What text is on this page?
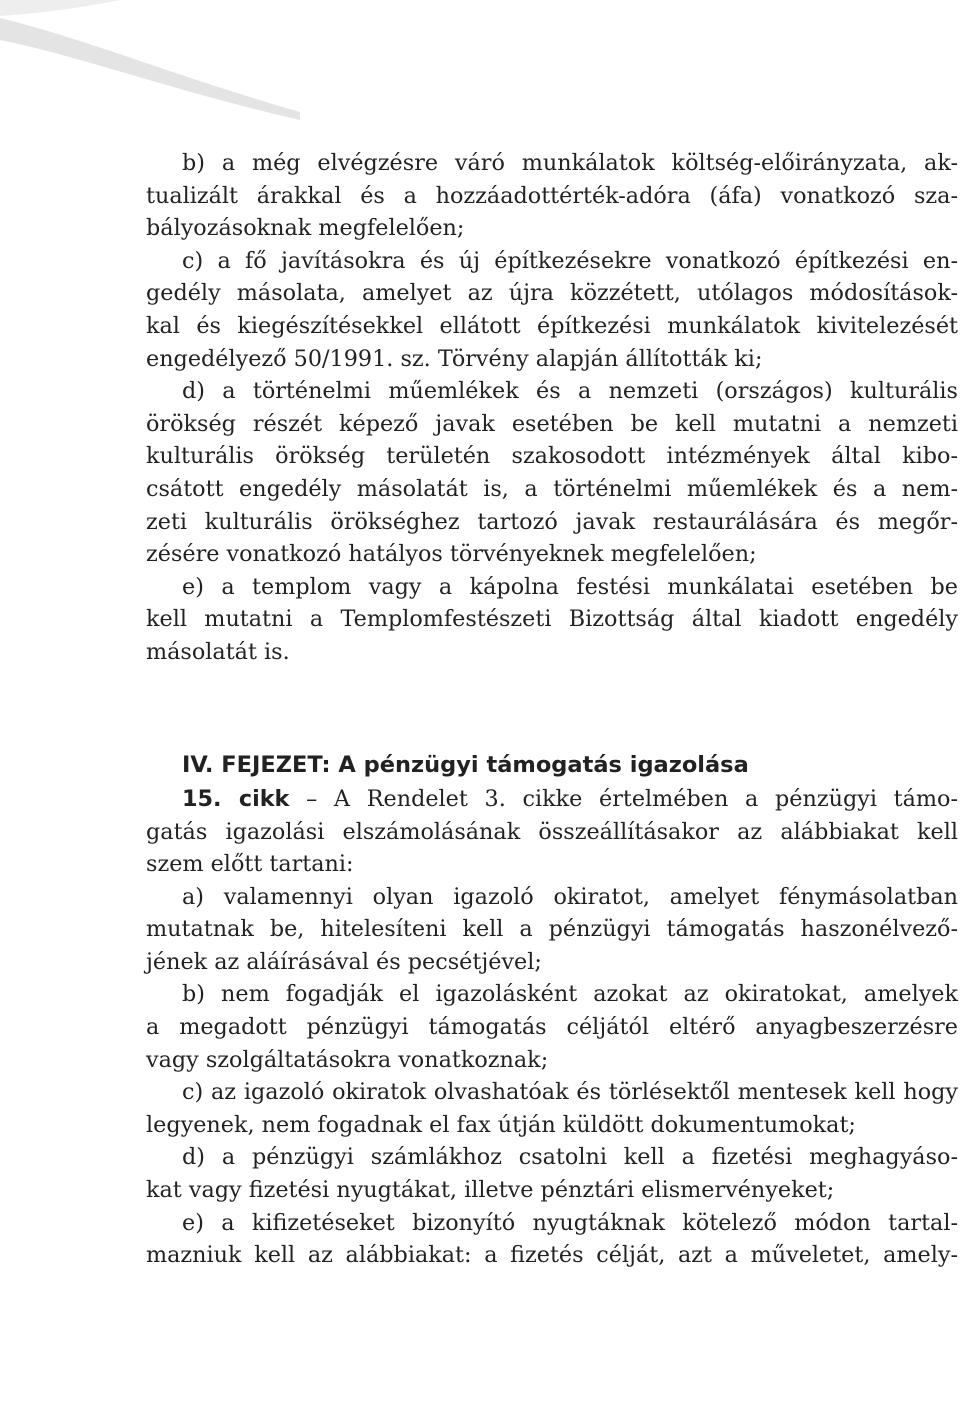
b) a még elvégzésre váró munkálatok költség-előirányzata, ak-
tualizált árakkal és a hozzáadottérték-adóra (áfa) vonatkozó sza-
bályozásoknak megfelelően;
c) a fő javításokra és új építkezésekre vonatkozó építkezési en-
gedély másolata, amelyet az újra közzétett, utólagos módosítások-
kal és kiegészítésekkel ellátott építkezési munkálatok kivitelezését
engedélyező 50/1991. sz. Törvény alapján állították ki;
d) a történelmi műemlékek és a nemzeti (országos) kulturális
örökség részét képező javak esetében be kell mutatni a nemzeti
kulturális örökség területén szakosodott intézmények által kibo-
csátott engedély másolatát is, a történelmi műemlékek és a nem-
zeti kulturális örökséghez tartozó javak restaurálására és megőr-
zésére vonatkozó hatályos törvényeknek megfelelően;
e) a templom vagy a kápolna festési munkálatai esetében be
kell mutatni a Templomfestészeti Bizottság által kiadott engedély
másolatát is.
IV. FEJEZET: A pénzügyi támogatás igazolása
15. cikk – A Rendelet 3. cikke értelmében a pénzügyi támo-
gatás igazolási elszámolásának összeállításakor az alábbiakat kell
szem előtt tartani:
a) valamennyi olyan igazoló okiratot, amelyet fénymásolatban
mutatnak be, hitelesíteni kell a pénzügyi támogatás haszonélvező-
jének az aláírásával és pecsétjével;
b) nem fogadják el igazolásként azokat az okiratokat, amelyek
a megadott pénzügyi támogatás céljától eltérő anyagbeszerzésre
vagy szolgáltatásokra vonatkoznak;
c) az igazoló okiratok olvashatóak és törlésektől mentesek kell hogy
legyenek, nem fogadnak el fax útján küldött dokumentumokat;
d) a pénzügyi számlákhoz csatolni kell a fizetési meghagyáso-
kat vagy fizetési nyugtákat, illetve pénztári elismervényeket;
e) a kifizetéseket bizonyító nyugtáknak kötelező módon tartal-
mazniuk kell az alábbiakat: a fizetés célját, azt a műveletet, amely-
